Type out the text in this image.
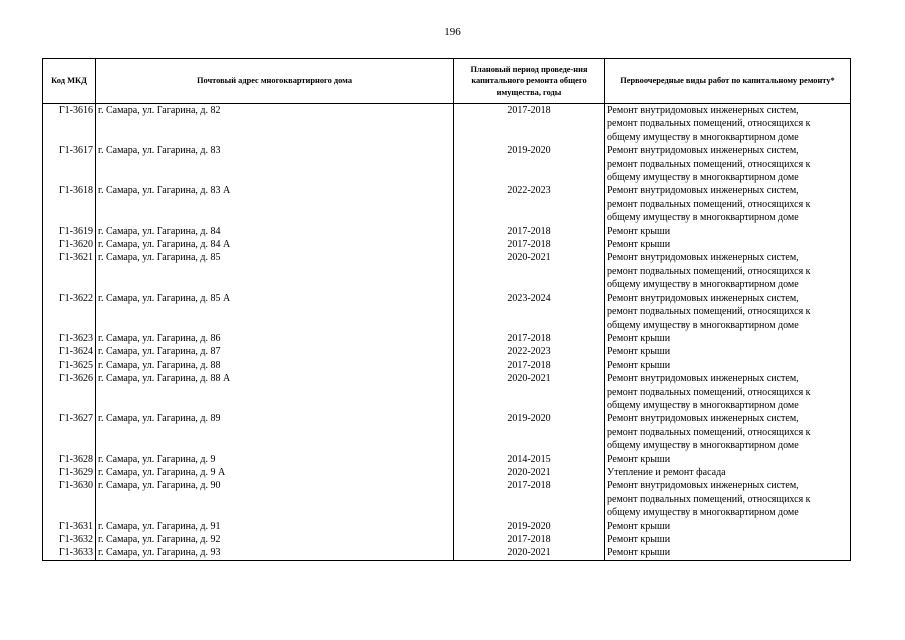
196
Код МКД	Почтовый адрес многоквартирного дома	Плановый период проведе-ния капитального ремонта общего имущества, годы	Первоочередные виды работ по капитальному ремонту*
Г1-3616	г. Самара, ул. Гагарина, д. 82	2017-2018	Ремонт внутридомовых инженерных систем,
ремонт подвальных помещений, относящихся к
общему имуществу в многоквартирном доме

Г1-3617	г. Самара, ул. Гагарина, д. 83	2019-2020	Ремонт внутридомовых инженерных систем,
ремонт подвальных помещений, относящихся к
общему имуществу в многоквартирном доме

Г1-3618	г. Самара, ул. Гагарина, д. 83 А	2022-2023	Ремонт внутридомовых инженерных систем,
ремонт подвальных помещений, относящихся к
общему имуществу в многоквартирном доме

Г1-3619	г. Самара, ул. Гагарина, д. 84	2017-2018	Ремонт крыши

Г1-3620	г. Самара, ул. Гагарина, д. 84 А	2017-2018	Ремонт крыши

Г1-3621	г. Самара, ул. Гагарина, д. 85	2020-2021	Ремонт внутридомовых инженерных систем,
ремонт подвальных помещений, относящихся к
общему имуществу в многоквартирном доме

Г1-3622	г. Самара, ул. Гагарина, д. 85 А	2023-2024	Ремонт внутридомовых инженерных систем,
ремонт подвальных помещений, относящихся к
общему имуществу в многоквартирном доме

Г1-3623	г. Самара, ул. Гагарина, д. 86	2017-2018	Ремонт крыши

Г1-3624	г. Самара, ул. Гагарина, д. 87	2022-2023	Ремонт крыши

Г1-3625	г. Самара, ул. Гагарина, д. 88	2017-2018	Ремонт крыши

Г1-3626	г. Самара, ул. Гагарина, д. 88 А	2020-2021	Ремонт внутридомовых инженерных систем,
ремонт подвальных помещений, относящихся к
общему имуществу в многоквартирном доме

Г1-3627	г. Самара, ул. Гагарина, д. 89	2019-2020	Ремонт внутридомовых инженерных систем,
ремонт подвальных помещений, относящихся к
общему имуществу в многоквартирном доме

Г1-3628	г. Самара, ул. Гагарина, д. 9	2014-2015	Ремонт крыши

Г1-3629	г. Самара, ул. Гагарина, д. 9 А	2020-2021	Утепление и ремонт фасада

Г1-3630	г. Самара, ул. Гагарина, д. 90	2017-2018	Ремонт внутридомовых инженерных систем,
ремонт подвальных помещений, относящихся к
общему имуществу в многоквартирном доме

Г1-3631	г. Самара, ул. Гагарина, д. 91	2019-2020	Ремонт крыши

Г1-3632	г. Самара, ул. Гагарина, д. 92	2017-2018	Ремонт крыши

Г1-3633	г. Самара, ул. Гагарина, д. 93	2020-2021	Ремонт крыши
